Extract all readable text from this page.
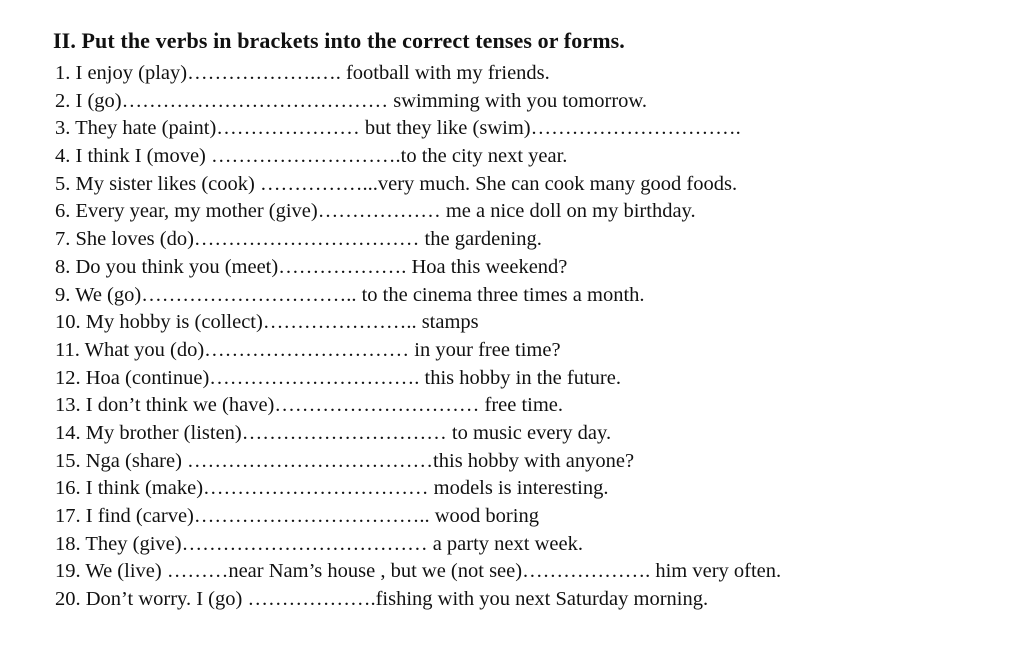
II. Put the verbs in brackets into the correct tenses or forms.
1. I enjoy (play)……………….…. football with my friends.
2. I (go)………………………………… swimming with you tomorrow.
3. They hate (paint)………………… but they like (swim)………………………….
4. I think I (move) ……………………….to the city next year.
5. My sister likes (cook) ……………...very much. She can cook many good foods.
6. Every year, my mother (give)……………… me a nice doll on my birthday.
7. She loves (do)…………………………… the gardening.
8. Do you think you (meet)………………. Hoa this weekend?
9. We (go)………………………….. to the cinema three times a month.
10. My hobby is (collect)………………….. stamps
11. What you (do)………………………… in your free time?
12. Hoa (continue)…………………………. this hobby in the future.
13. I don’t think we (have)………………………… free time.
14. My brother (listen)………………………… to music every day.
15. Nga (share) ………………………………this hobby with anyone?
16. I think (make)…………………………… models is interesting.
17. I find (carve)…………………………….. wood boring
18. They (give)……………………………… a party next week.
19. We (live) ………near Nam’s house , but we (not see)………………. him very often.
20. Don’t worry. I (go) ……………….fishing with you next Saturday morning.
